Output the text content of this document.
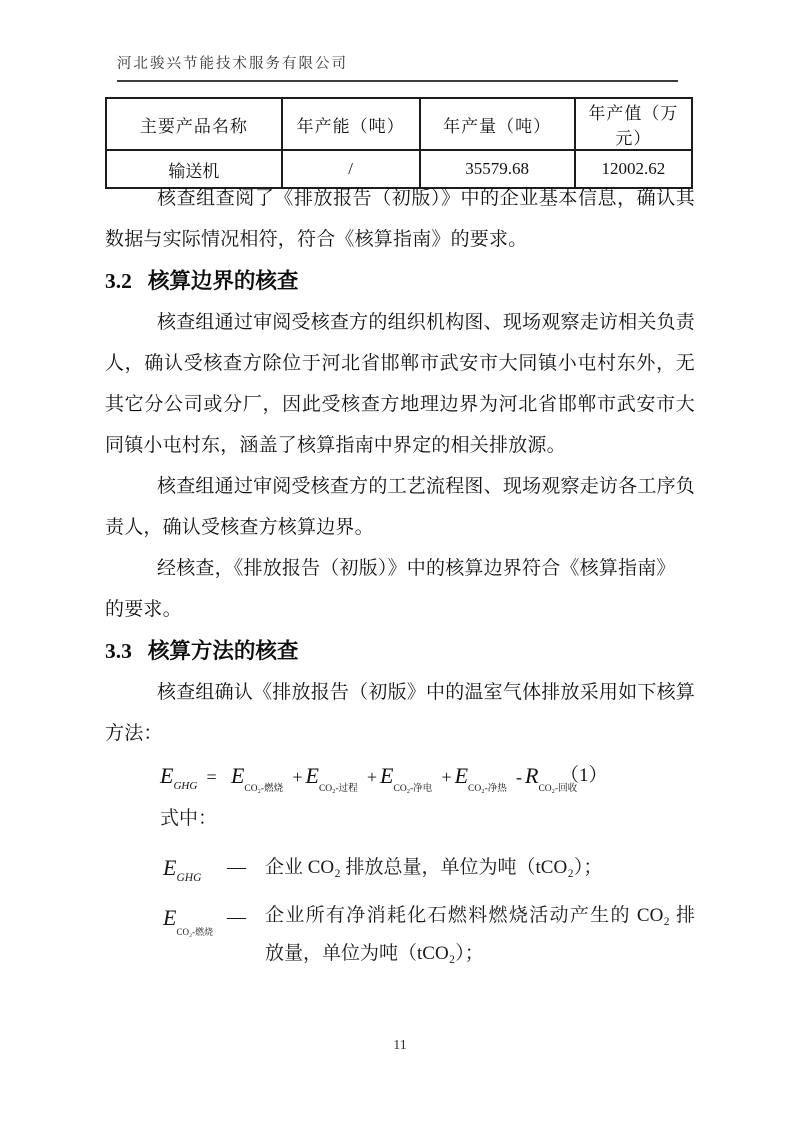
河北骏兴节能技术服务有限公司
主要产品名称	年产能（吨）	年产量（吨）	年产值（万元）
输送机	/	35579.68	12002.62
核查组查阅了《排放报告（初版）》中的企业基本信息，确认其
数据与实际情况相符，符合《核算指南》的要求。
3.2 核算边界的核查
核查组通过审阅受核查方的组织机构图、现场观察走访相关负责
人，确认受核查方除位于河北省邯郸市武安市大同镇小屯村东外，无
其它分公司或分厂，因此受核查方地理边界为河北省邯郸市武安市大
同镇小屯村东，涵盖了核算指南中界定的相关排放源。
核查组通过审阅受核查方的工艺流程图、现场观察走访各工序负
责人，确认受核查方核算边界。
经核查，《排放报告（初版）》中的核算边界符合《核算指南》
的要求。
3.3 核算方法的核查
核查组确认《排放报告（初版》中的温室气体排放采用如下核算
方法：
$E_{GHG} = E_{CO_2-燃烧} + E_{CO_2-过程} + E_{CO_2-净电} + E_{CO_2-净热} - R_{CO_2-回收}$
（1）
式中：
$E_{GHG}$	—	企业 CO₂ 排放总量，单位为吨（tCO₂）；
$E_{CO_2-燃烧}$
—	企业所有净消耗化石燃料燃烧活动产生的 CO₂ 排
放量，单位为吨（tCO₂）；
11
